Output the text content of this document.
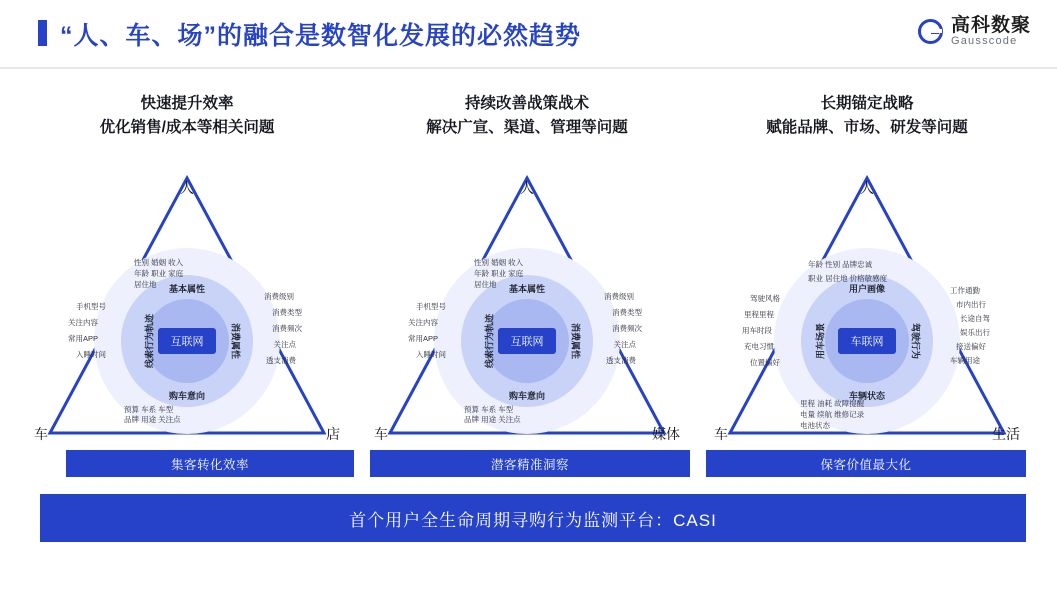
“人、车、场”的融合是数智化发展的必然趋势	高科数聚
Gausscode
快速提升效率
优化销售/成本等相关问题
人
车	店
性别 婚姻 收入
年龄 职业 家庭
居住地
预算 车系 车型
品牌 用途 关注点
手机型号
关注内容
常用APP
入睡时间
消费级别
消费类型
消费频次
关注点
透支消费
基本属性
购车意向
线索行为轨迹	消费属性
互联网
持续改善战策战术
解决广宣、渠道、管理等问题
人
车	媒体
性别 婚姻 收入
年龄 职业 家庭
居住地
预算 车系 车型
品牌 用途 关注点
手机型号
关注内容
常用APP
入睡时间
消费级别
消费类型
消费频次
关注点
透支消费
基本属性
购车意向
线索行为轨迹	消费属性
互联网
长期锚定战略
赋能品牌、市场、研发等问题
人
车	生活
年龄 性别 品牌忠诚
职业 居住地 价格敏感度
里程 油耗 故障提醒
电量 续航 维修记录
电池状态
驾驶风格
里程里程
用车时段
充电习惯
位置偏好
工作通勤
市内出行
长途自驾
娱乐出行
接送偏好
车辆用途
用户画像
车辆状态
用车场景	驾驶行为
车联网
集客转化效率	潜客精准洞察	保客价值最大化
首个用户全生命周期寻购行为监测平台：CASI
